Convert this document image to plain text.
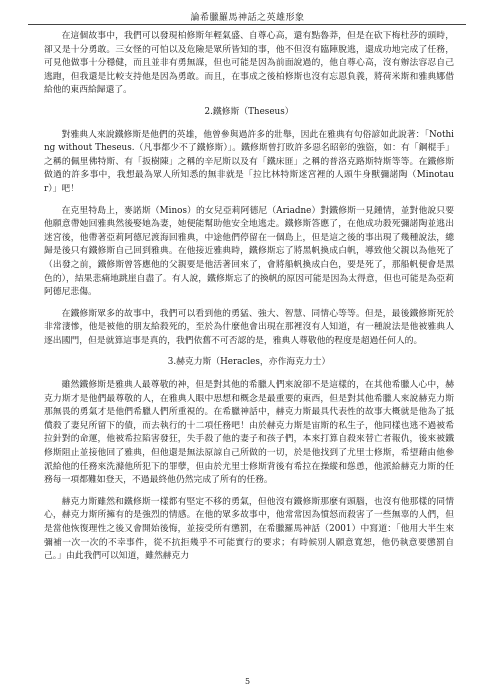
論希臘羅馬神話之英雄形象

在這個故事中，我們可以發現柏修斯年輕氣盛、自尊心高，還有點魯莽，但是在砍下梅杜莎的頭時，卻又是十分勇敢。三女怪的可怕以及危險是眾所皆知的事，他不但沒有臨陣脫逃，還成功地完成了任務，可見他做事十分穩健，而且並非有勇無謀，但也可能是因為前面說過的，他自尊心高，沒有辦法容忍自己逃跑，但我還是比較支持他是因為勇敢。而且，在事成之後柏修斯也沒有忘恩負義，將荷米斯和雅典娜借給他的東西給歸還了。

2.鐵修斯（Theseus）

對雅典人來說鐵修斯是他們的英雄，他曾參與過許多的壯舉，因此在雅典有句俗諺如此說著：「Nothing without Theseus.（凡事都少不了鐵修斯）」。鐵修斯曾打敗許多惡名昭彰的強盜，如：有「鋼棍手」之稱的佩里佛特斯、有「扳樹陳」之稱的辛尼斯以及有「鐵床匪」之稱的普洛克路斯特斯等等。在鐵修斯做過的許多事中，我想最為眾人所知悉的無非就是「拉比林特斯迷宮裡的人頭牛身獸彌諾陶（Minotaur）」吧！

在克里特島上，麥諾斯（Minos）的女兒亞莉阿德尼（Ariadne）對鐵修斯一見鍾情，並對他說只要他願意帶她回雅典然後娶她為妻，她便能幫助他安全地逃走。鐵修斯答應了，在他成功殺死彌諾陶並逃出迷宮後，他帶著亞莉阿德尼渡海回雅典，中途他們停留在一個島上，但是這之後的事出現了幾種說法，總歸是後只有鐵修斯自己回到雅典。在他接近雅典時，鐵修斯忘了將黑帆換成白帆，導致他父親以為他死了（出發之前，鐵修斯曾答應他的父親要是他活著回來了，會將船帆換成白色，要是死了，那船帆便會是黑色的），結果悲痛地跳崖自盡了。有人說，鐵修斯忘了的換帆的原因可能是因為太得意，但也可能是為亞莉阿德尼悲傷。

在鐵修斯眾多的故事中，我們可以看到他的勇猛、強大、智慧、同情心等等。但是，最後鐵修斯死於非常淒慘，他是被他的朋友給殺死的，至於為什麼他會出現在那裡沒有人知道，有一種說法是他被雅典人逐出國門，但是就算這事是真的，我們依舊不可否認的是，雅典人尊敬他的程度是超過任何人的。

3.赫克力斯（Heracles，亦作海克力士）

雖然鐵修斯是雅典人最尊敬的神，但是對其他的希臘人們來說卻不是這樣的，在其他希臘人心中，赫克力斯才是他們最尊敬的人，在雅典人眼中思想和概念是最重要的東西，但是對其他希臘人來說赫克力斯那無畏的勇氣才是他們希臘人們所重視的。在希臘神話中，赫克力斯最具代表性的故事大概就是他為了抵償殺了妻兒所留下的債，而去執行的十二項任務吧！由於赫克力斯是宙斯的私生子，他同樣也逃不過被希拉針對的命運，他被希拉陷害發狂，失手殺了他的妻子和孩子們，本來打算自殺來替亡者報仇，後來被鐵修斯阻止並接他回了雅典，但他還是無法原諒自己所做的一切，於是他找到了尤里士修斯，希望藉由他參派給他的任務來洗滌他所犯下的罪孽，但由於尤里士修斯背後有希拉在操縱和慫恿，他派給赫克力斯的任務每一項都難如登天，不過最終他仍然完成了所有的任務。

赫克力斯雖然和鐵修斯一樣都有堅定不移的勇氣，但他沒有鐵修斯那麼有頭腦，也沒有他那樣的同情心，赫克力斯所擁有的是強烈的情感。在他的眾多故事中，他常常因為憤怒而殺害了一些無辜的人們，但是當他恢復理性之後又會開始後悔，並接受所有懲罰，在希臘羅馬神話（2001）中寫道：「他用大半生來彌補一次一次的不幸事件，從不抗拒幾乎不可能實行的要求；有時候別人願意寬恕，他仍執意要懲罰自己。」由此我們可以知道，雖然赫克力

5
